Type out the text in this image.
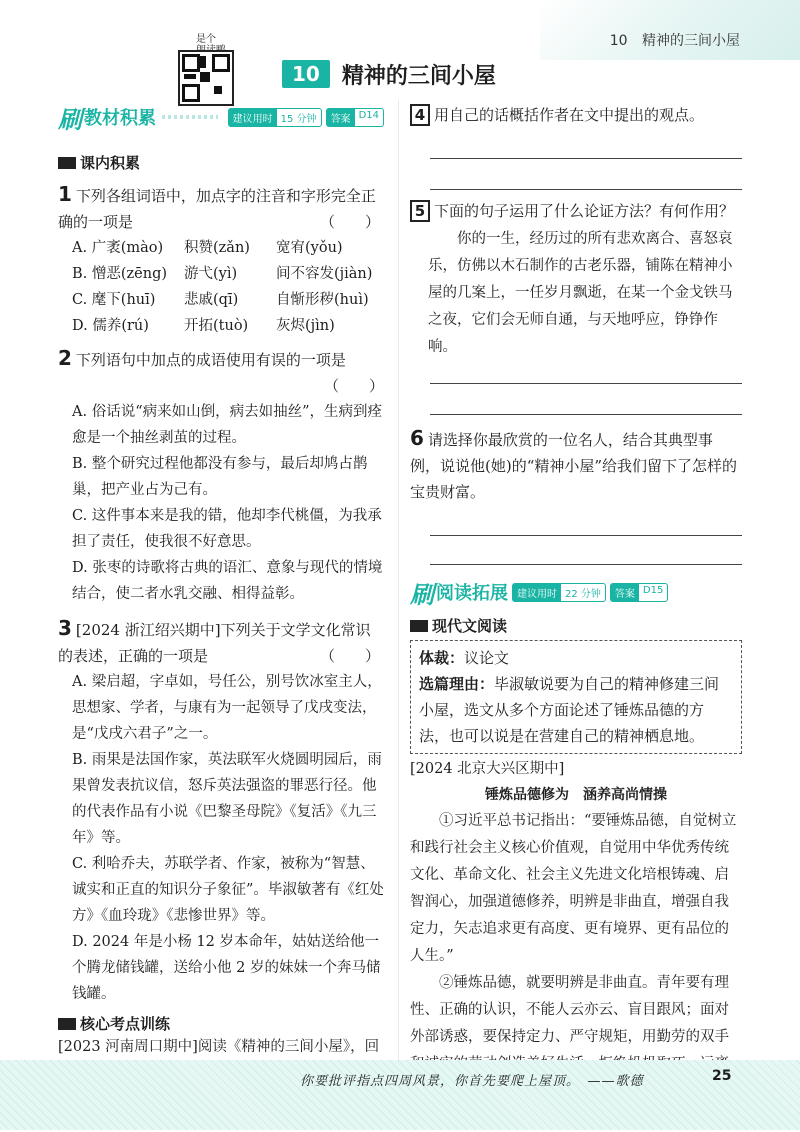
10 精神的三间小屋
是个

10	精神的三间小屋
刷 教材积累	建议用时 15 分钟	答案 D14
课内积累
1 下列各组词语中，加点字的注音和字形完全正确的一项是	（　　）
A. 广袤(mào)	积赞(zǎn)	宽宥(yǒu)
B. 憎恶(zēng)	游弋(yì)	间不容发(jiàn)
C. 麾下(huī)	悲戚(qī)	自惭形秽(huì)
D. 儒养(rú)	开拓(tuò)	灰烬(jìn)
2 下列语句中加点的成语使用有误的一项是
（　　）
A. 俗话说“病来如山倒，病去如抽丝”，生病到痊愈是一个抽丝剥茧的过程。
B. 整个研究过程他都没有参与，最后却鸠占鹊巢，把产业占为己有。
C. 这件事本来是我的错，他却李代桃僵，为我承担了责任，使我很不好意思。
D. 张枣的诗歌将古典的语汇、意象与现代的情境结合，使二者水乳交融、相得益彰。
3 [2024 浙江绍兴期中]下列关于文学文化常识的表述，正确的一项是	（　　）
A. 梁启超，字卓如，号任公，别号饮冰室主人，思想家、学者，与康有为一起领导了戊戌变法，是“戊戌六君子”之一。
B. 雨果是法国作家，英法联军火烧圆明园后，雨果曾发表抗议信，怒斥英法强盗的罪恶行径。他的代表作品有小说《巴黎圣母院》《复活》《九三年》等。
C. 利哈乔夫，苏联学者、作家，被称为“智慧、诚实和正直的知识分子象征”。毕淑敏著有《红处方》《血玲珑》《悲惨世界》等。
D. 2024 年是小杨 12 岁本命年，姑姑送给他一个腾龙储钱罐，送给小他 2 岁的妹妹一个奔马储钱罐。
核心考点训练
[2023 河南周口期中]阅读《精神的三间小屋》，回
4 用自己的话概括作者在文中提出的观点。
5 下面的句子运用了什么论证方法？有何作用？
你的一生，经历过的所有悲欢离合、喜怒哀乐，仿佛以木石制作的古老乐器，铺陈在精神小屋的几案上，一任岁月飘逝，在某一个金戈铁马之夜，它们会无师自通，与天地呼应，铮铮作响。
6 请选择你最欣赏的一位名人，结合其典型事例，说说他(她)的“精神小屋”给我们留下了怎样的宝贵财富。
刷 阅读拓展 建议用时 22 分钟	答案 D15
现代文阅读
体裁：议论文
选篇理由：毕淑敏说要为自己的精神修建三间小屋，选文从多个方面论述了锤炼品德的方法，也可以说是在营建自己的精神栖息地。
[2024 北京大兴区期中]
锤炼品德修为　涵养高尚情操
①习近平总书记指出：“要锤炼品德，自觉树立和践行社会主义核心价值观，自觉用中华优秀传统文化、革命文化、社会主义先进文化培根铸魂、启智润心，加强道德修养，明辨是非曲直，增强自我定力，矢志追求更有高度、更有境界、更有品位的人生。”
②锤炼品德，就要明辨是非曲直。青年要有理性、正确的认识，不能人云亦云、盲目跟风；面对外部诱惑，要保持定力、严守规矩，用勤劳的双手
你要批评指点四周风景，你首先要爬上屋顶。　——歌德	25
